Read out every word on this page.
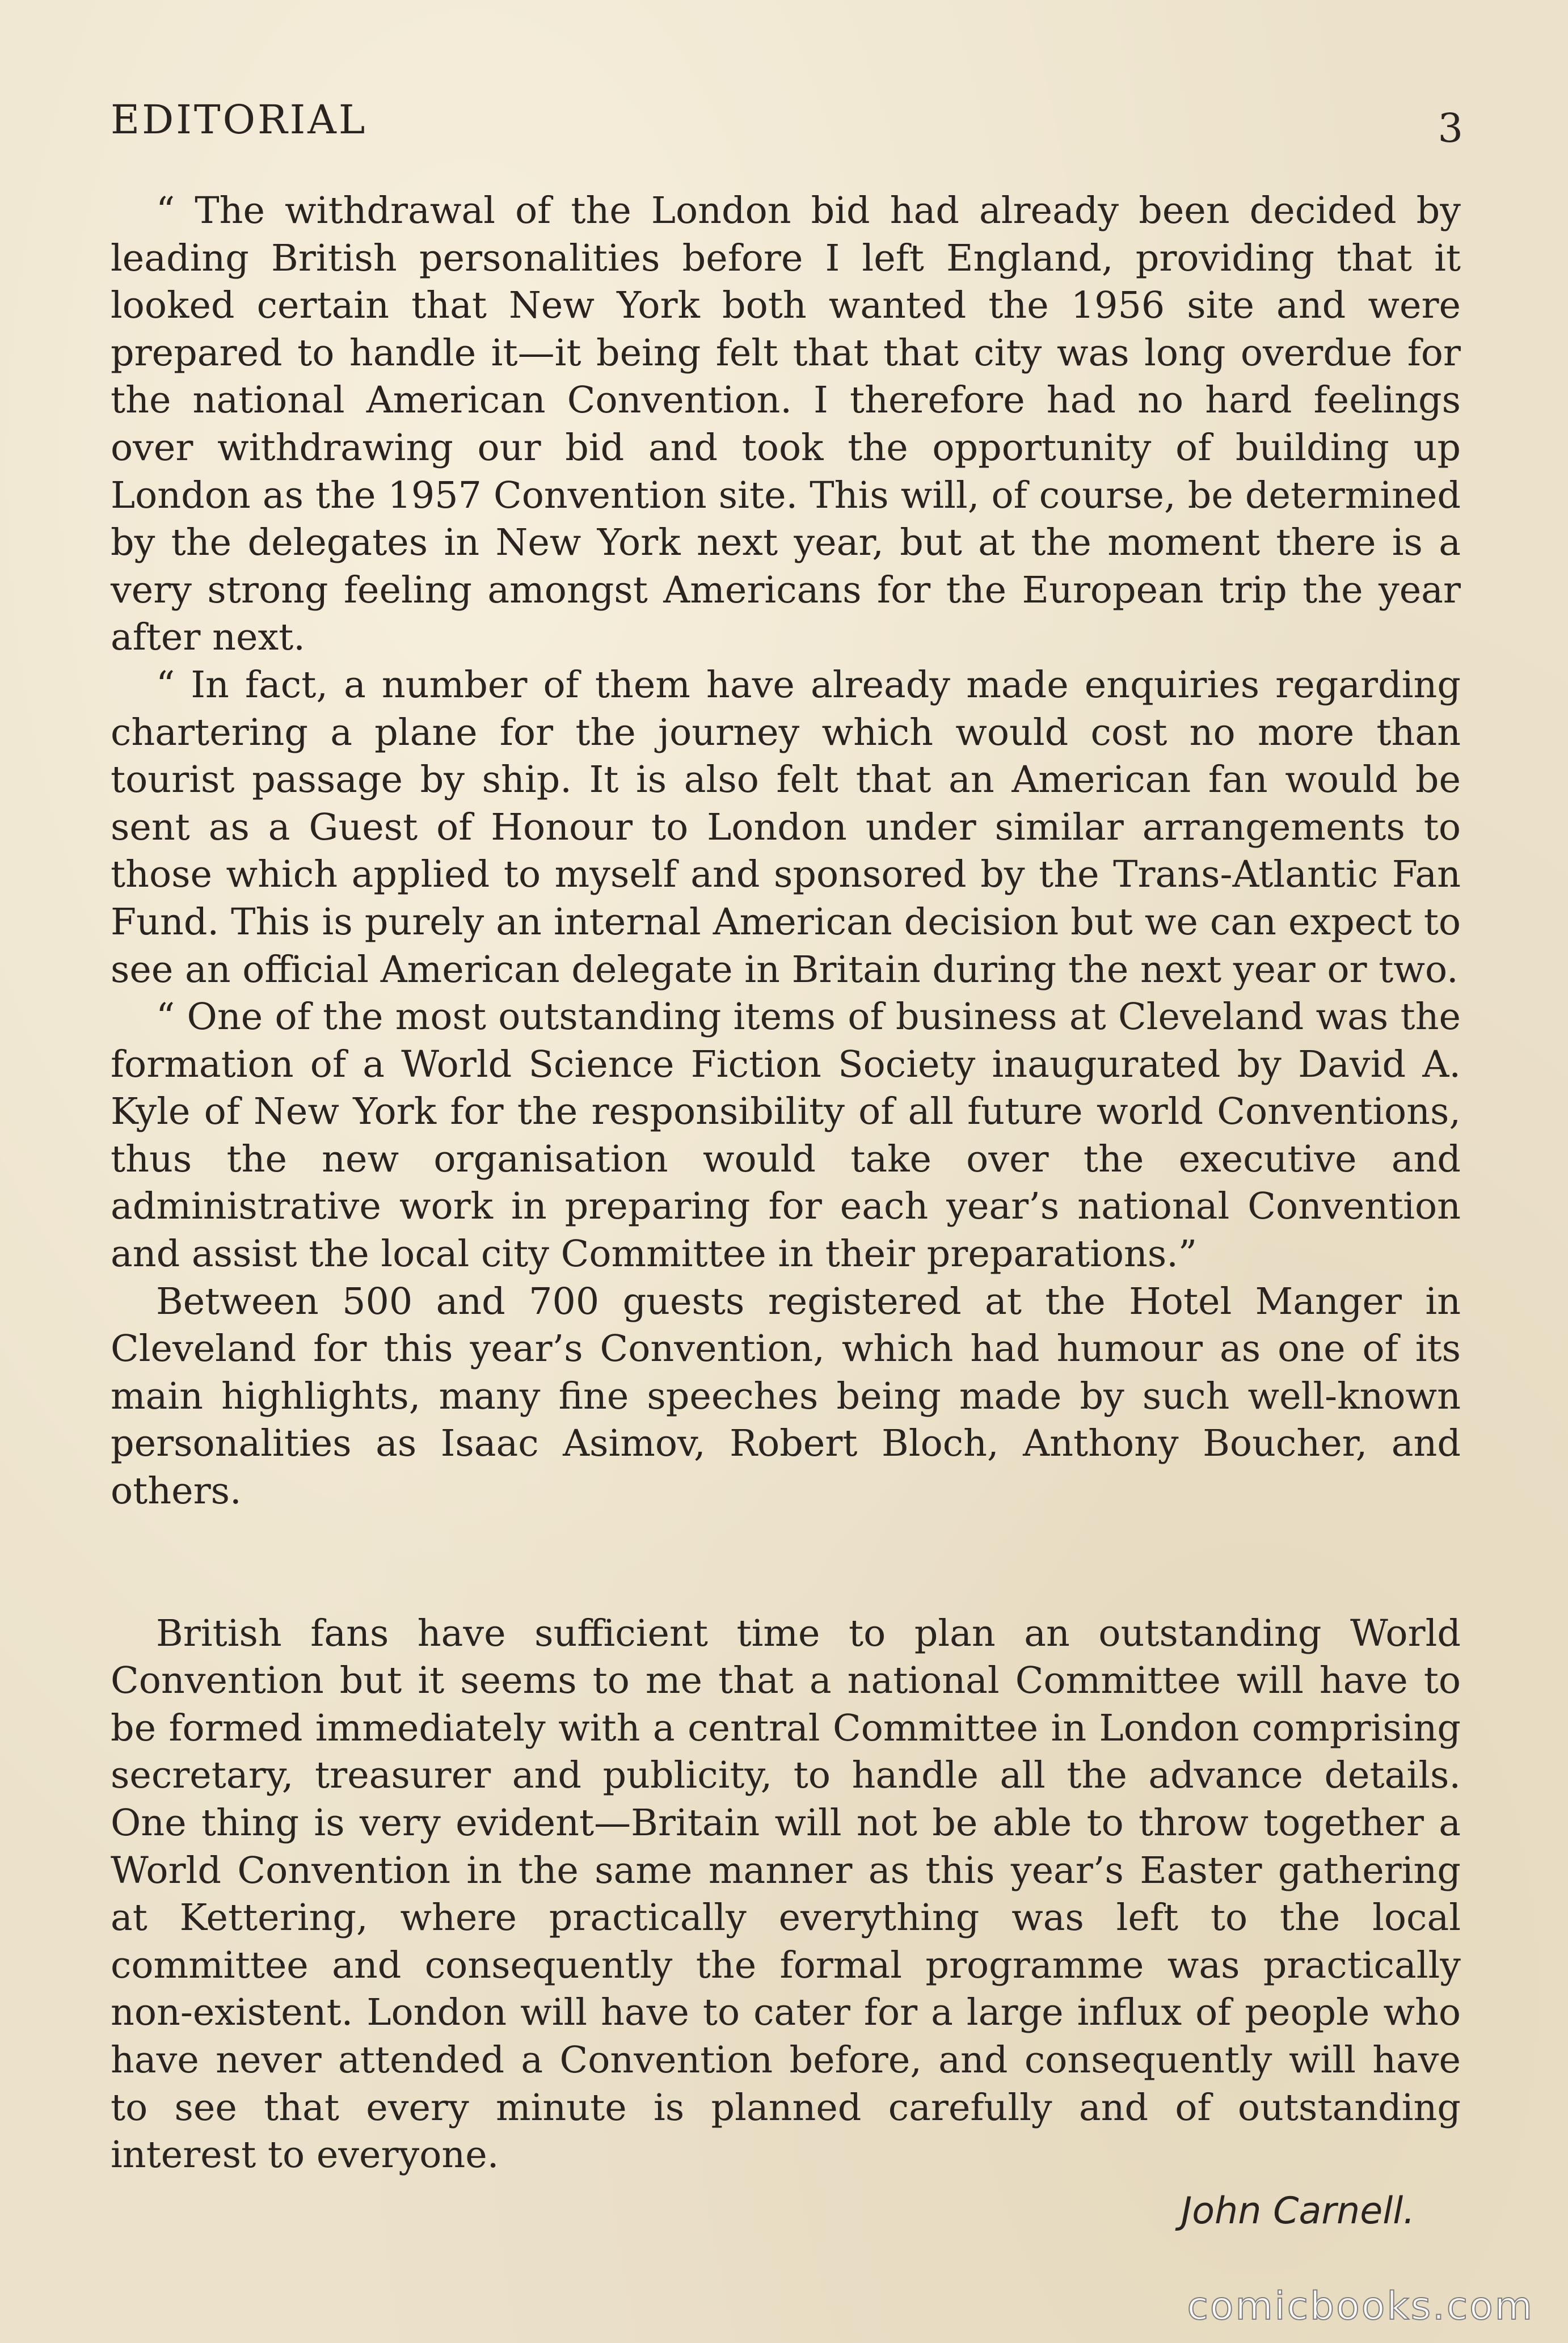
EDITORIAL	3

“ The withdrawal of the London bid had already been decided by leading British personalities before I left England, providing that it looked certain that New York both wanted the 1956 site and were prepared to handle it—it being felt that that city was long overdue for the national American Convention. I therefore had no hard feelings over withdrawing our bid and took the opportunity of building up London as the 1957 Convention site. This will, of course, be determined by the delegates in New York next year, but at the moment there is a very strong feeling amongst Americans for the European trip the year after next.

“ In fact, a number of them have already made enquiries regarding chartering a plane for the journey which would cost no more than tourist passage by ship. It is also felt that an American fan would be sent as a Guest of Honour to London under similar arrangements to those which applied to myself and sponsored by the Trans-Atlantic Fan Fund. This is purely an internal American decision but we can expect to see an official American delegate in Britain during the next year or two.

“ One of the most outstanding items of business at Cleveland was the formation of a World Science Fiction Society inaugurated by David A. Kyle of New York for the responsibility of all future world Conventions, thus the new organisation would take over the executive and administrative work in preparing for each year’s national Convention and assist the local city Committee in their preparations.”

Between 500 and 700 guests registered at the Hotel Manger in Cleveland for this year’s Convention, which had humour as one of its main highlights, many fine speeches being made by such well-known personalities as Isaac Asimov, Robert Bloch, Anthony Boucher, and others.

British fans have sufficient time to plan an outstanding World Convention but it seems to me that a national Committee will have to be formed immediately with a central Committee in London comprising secretary, treasurer and publicity, to handle all the advance details. One thing is very evident—Britain will not be able to throw together a World Convention in the same manner as this year’s Easter gathering at Kettering, where practically everything was left to the local committee and consequently the formal programme was practically non-existent. London will have to cater for a large influx of people who have never attended a Convention before, and consequently will have to see that every minute is planned carefully and of outstanding interest to everyone.

John Carnell.
comicbooks.com
